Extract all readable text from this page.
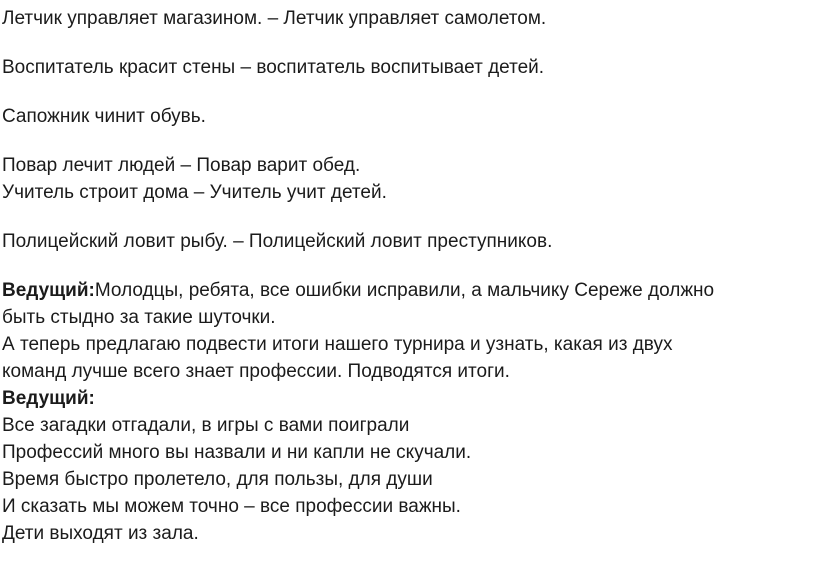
Летчик управляет магазином. – Летчик управляет самолетом.

Воспитатель красит стены – воспитатель воспитывает детей.

Сапожник чинит обувь.

Повар лечит людей – Повар варит обед.

Учитель строит дома – Учитель учит детей.

Полицейский ловит рыбу. – Полицейский ловит преступников.

Ведущий:Молодцы, ребята, все ошибки исправили, а мальчику Сереже должно

быть стыдно за такие шуточки.

А теперь предлагаю подвести итоги нашего турнира и узнать, какая из двух

команд лучше всего знает профессии. Подводятся итоги.

Ведущий:

Все загадки отгадали, в игры с вами поиграли

Профессий много вы назвали и ни капли не скучали.

Время быстро пролетело, для пользы, для души

И сказать мы можем точно – все профессии важны.

Дети выходят из зала.
